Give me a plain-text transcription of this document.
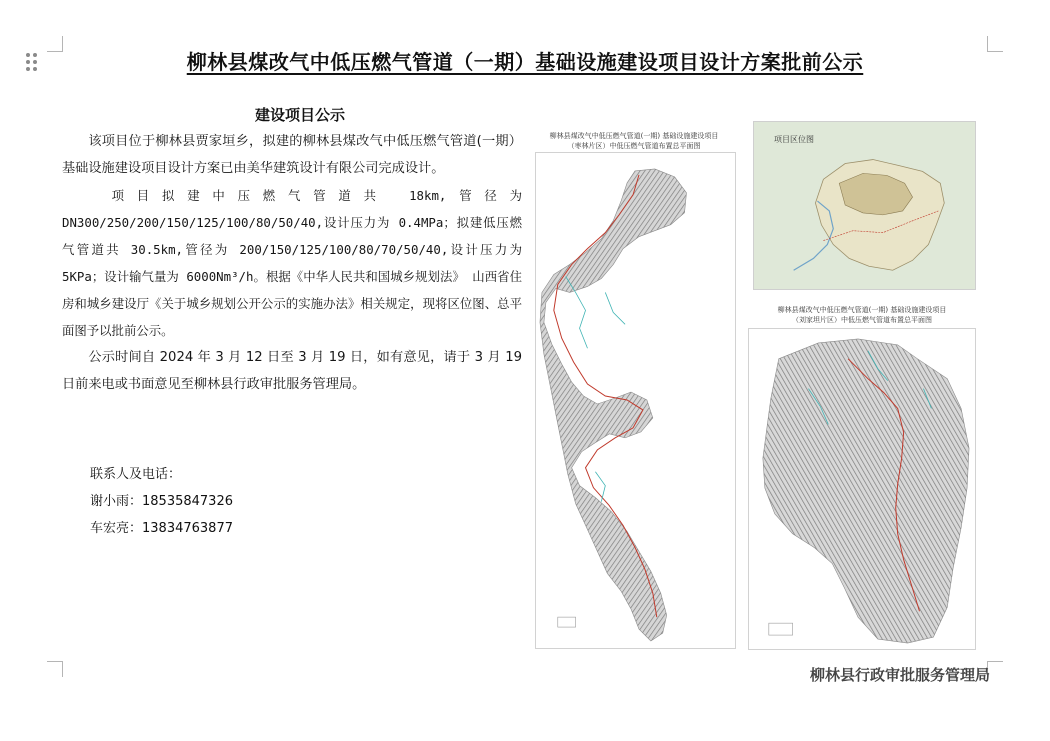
柳林县煤改气中低压燃气管道（一期）基础设施建设项目设计方案批前公示
建设项目公示

该项目位于柳林县贾家垣乡，拟建的柳林县煤改气中低压燃气管道(一期）基础设施建设项目设计方案已由美华建筑设计有限公司完成设计。

项目拟建中压燃气管道共 18km,管径为 DN300/250/200/150/125/100/80/50/40,设计压力为 0.4MPa；拟建低压燃气管道共 30.5km,管径为 200/150/125/100/80/70/50/40,设计压力为 5KPa；设计输气量为 6000Nm³/h。根据《中华人民共和国城乡规划法》 山西省住房和城乡建设厅《关于城乡规划公开公示的实施办法》相关规定，现将区位图、总平面图予以批前公示。

公示时间自 2024 年 3 月 12 日至 3 月 19 日，如有意见，请于 3 月 19 日前来电或书面意见至柳林县行政审批服务管理局。

联系人及电话：
谢小雨：18535847326
车宏亮：13834763877
柳林县煤改气中低压燃气管道(一期) 基础设施建设项目
（枣林片区）中低压燃气管道布置总平面图
项目区位图
柳林县煤改气中低压燃气管道(一期) 基础设施建设项目
（刘家坦片区）中低压燃气管道布置总平面图
柳林县行政审批服务管理局
